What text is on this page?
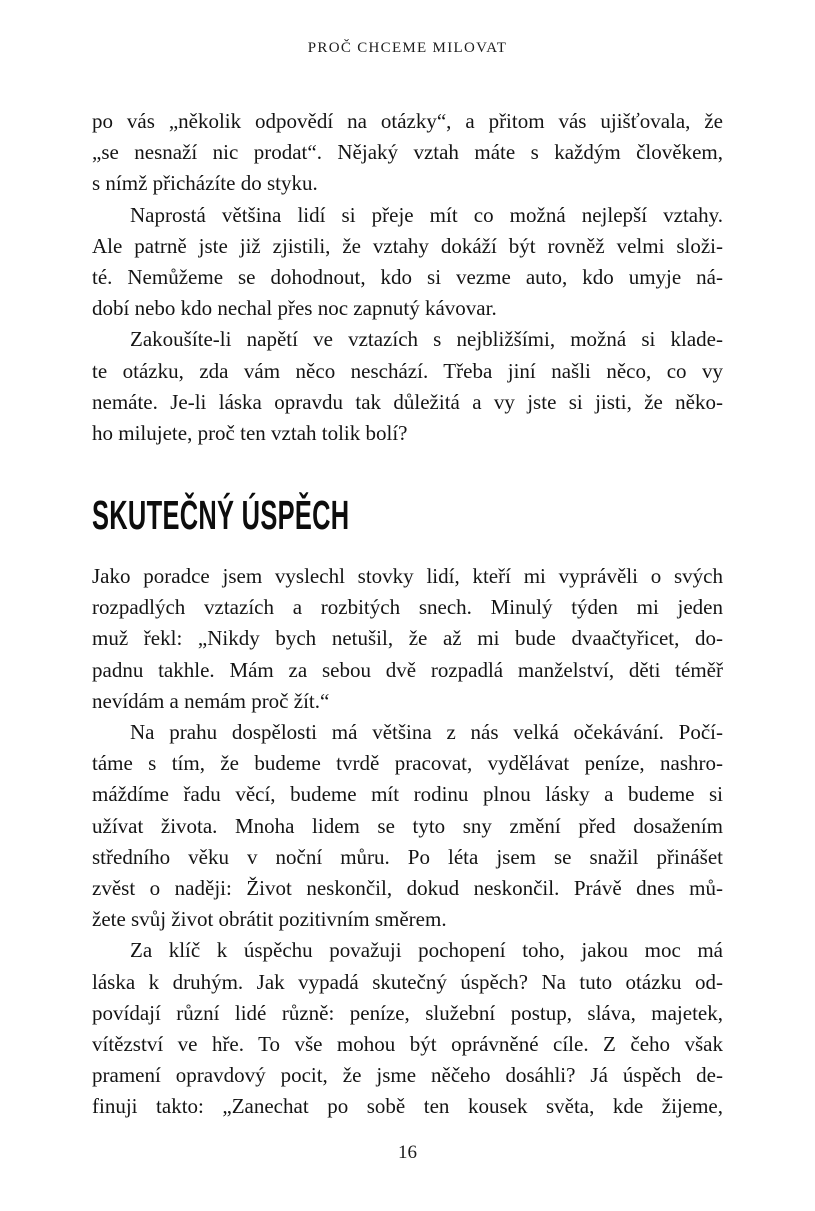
PROČ CHCEME MILOVAT
po vás „několik odpovědí na otázky“, a přitom vás ujišťovala, že
„se nesnaží nic prodat“. Nějaký vztah máte s každým člověkem,
s nímž přicházíte do styku.
Naprostá většina lidí si přeje mít co možná nejlepší vztahy.
Ale patrně jste již zjistili, že vztahy dokáží být rovněž velmi složi-
té. Nemůžeme se dohodnout, kdo si vezme auto, kdo umyje ná-
dobí nebo kdo nechal přes noc zapnutý kávovar.
Zakoušíte-li napětí ve vztazích s nejbližšími, možná si klade-
te otázku, zda vám něco neschází. Třeba jiní našli něco, co vy
nemáte. Je-li láska opravdu tak důležitá a vy jste si jisti, že něko-
ho milujete, proč ten vztah tolik bolí?
SKUTEČNÝ ÚSPĚCH
Jako poradce jsem vyslechl stovky lidí, kteří mi vyprávěli o svých
rozpadlých vztazích a rozbitých snech. Minulý týden mi jeden
muž řekl: „Nikdy bych netušil, že až mi bude dvaačtyřicet, do-
padnu takhle. Mám za sebou dvě rozpadlá manželství, děti téměř
nevídám a nemám proč žít.“
Na prahu dospělosti má většina z nás velká očekávání. Počí-
táme s tím, že budeme tvrdě pracovat, vydělávat peníze, nashro-
máždíme řadu věcí, budeme mít rodinu plnou lásky a budeme si
užívat života. Mnoha lidem se tyto sny změní před dosažením
středního věku v noční můru. Po léta jsem se snažil přinášet
zvěst o naději: Život neskončil, dokud neskončil. Právě dnes mů-
žete svůj život obrátit pozitivním směrem.
Za klíč k úspěchu považuji pochopení toho, jakou moc má
láska k druhým. Jak vypadá skutečný úspěch? Na tuto otázku od-
povídají různí lidé různě: peníze, služební postup, sláva, majetek,
vítězství ve hře. To vše mohou být oprávněné cíle. Z čeho však
pramení opravdový pocit, že jsme něčeho dosáhli? Já úspěch de-
finuji takto: „Zanechat po sobě ten kousek světa, kde žijeme,
16
